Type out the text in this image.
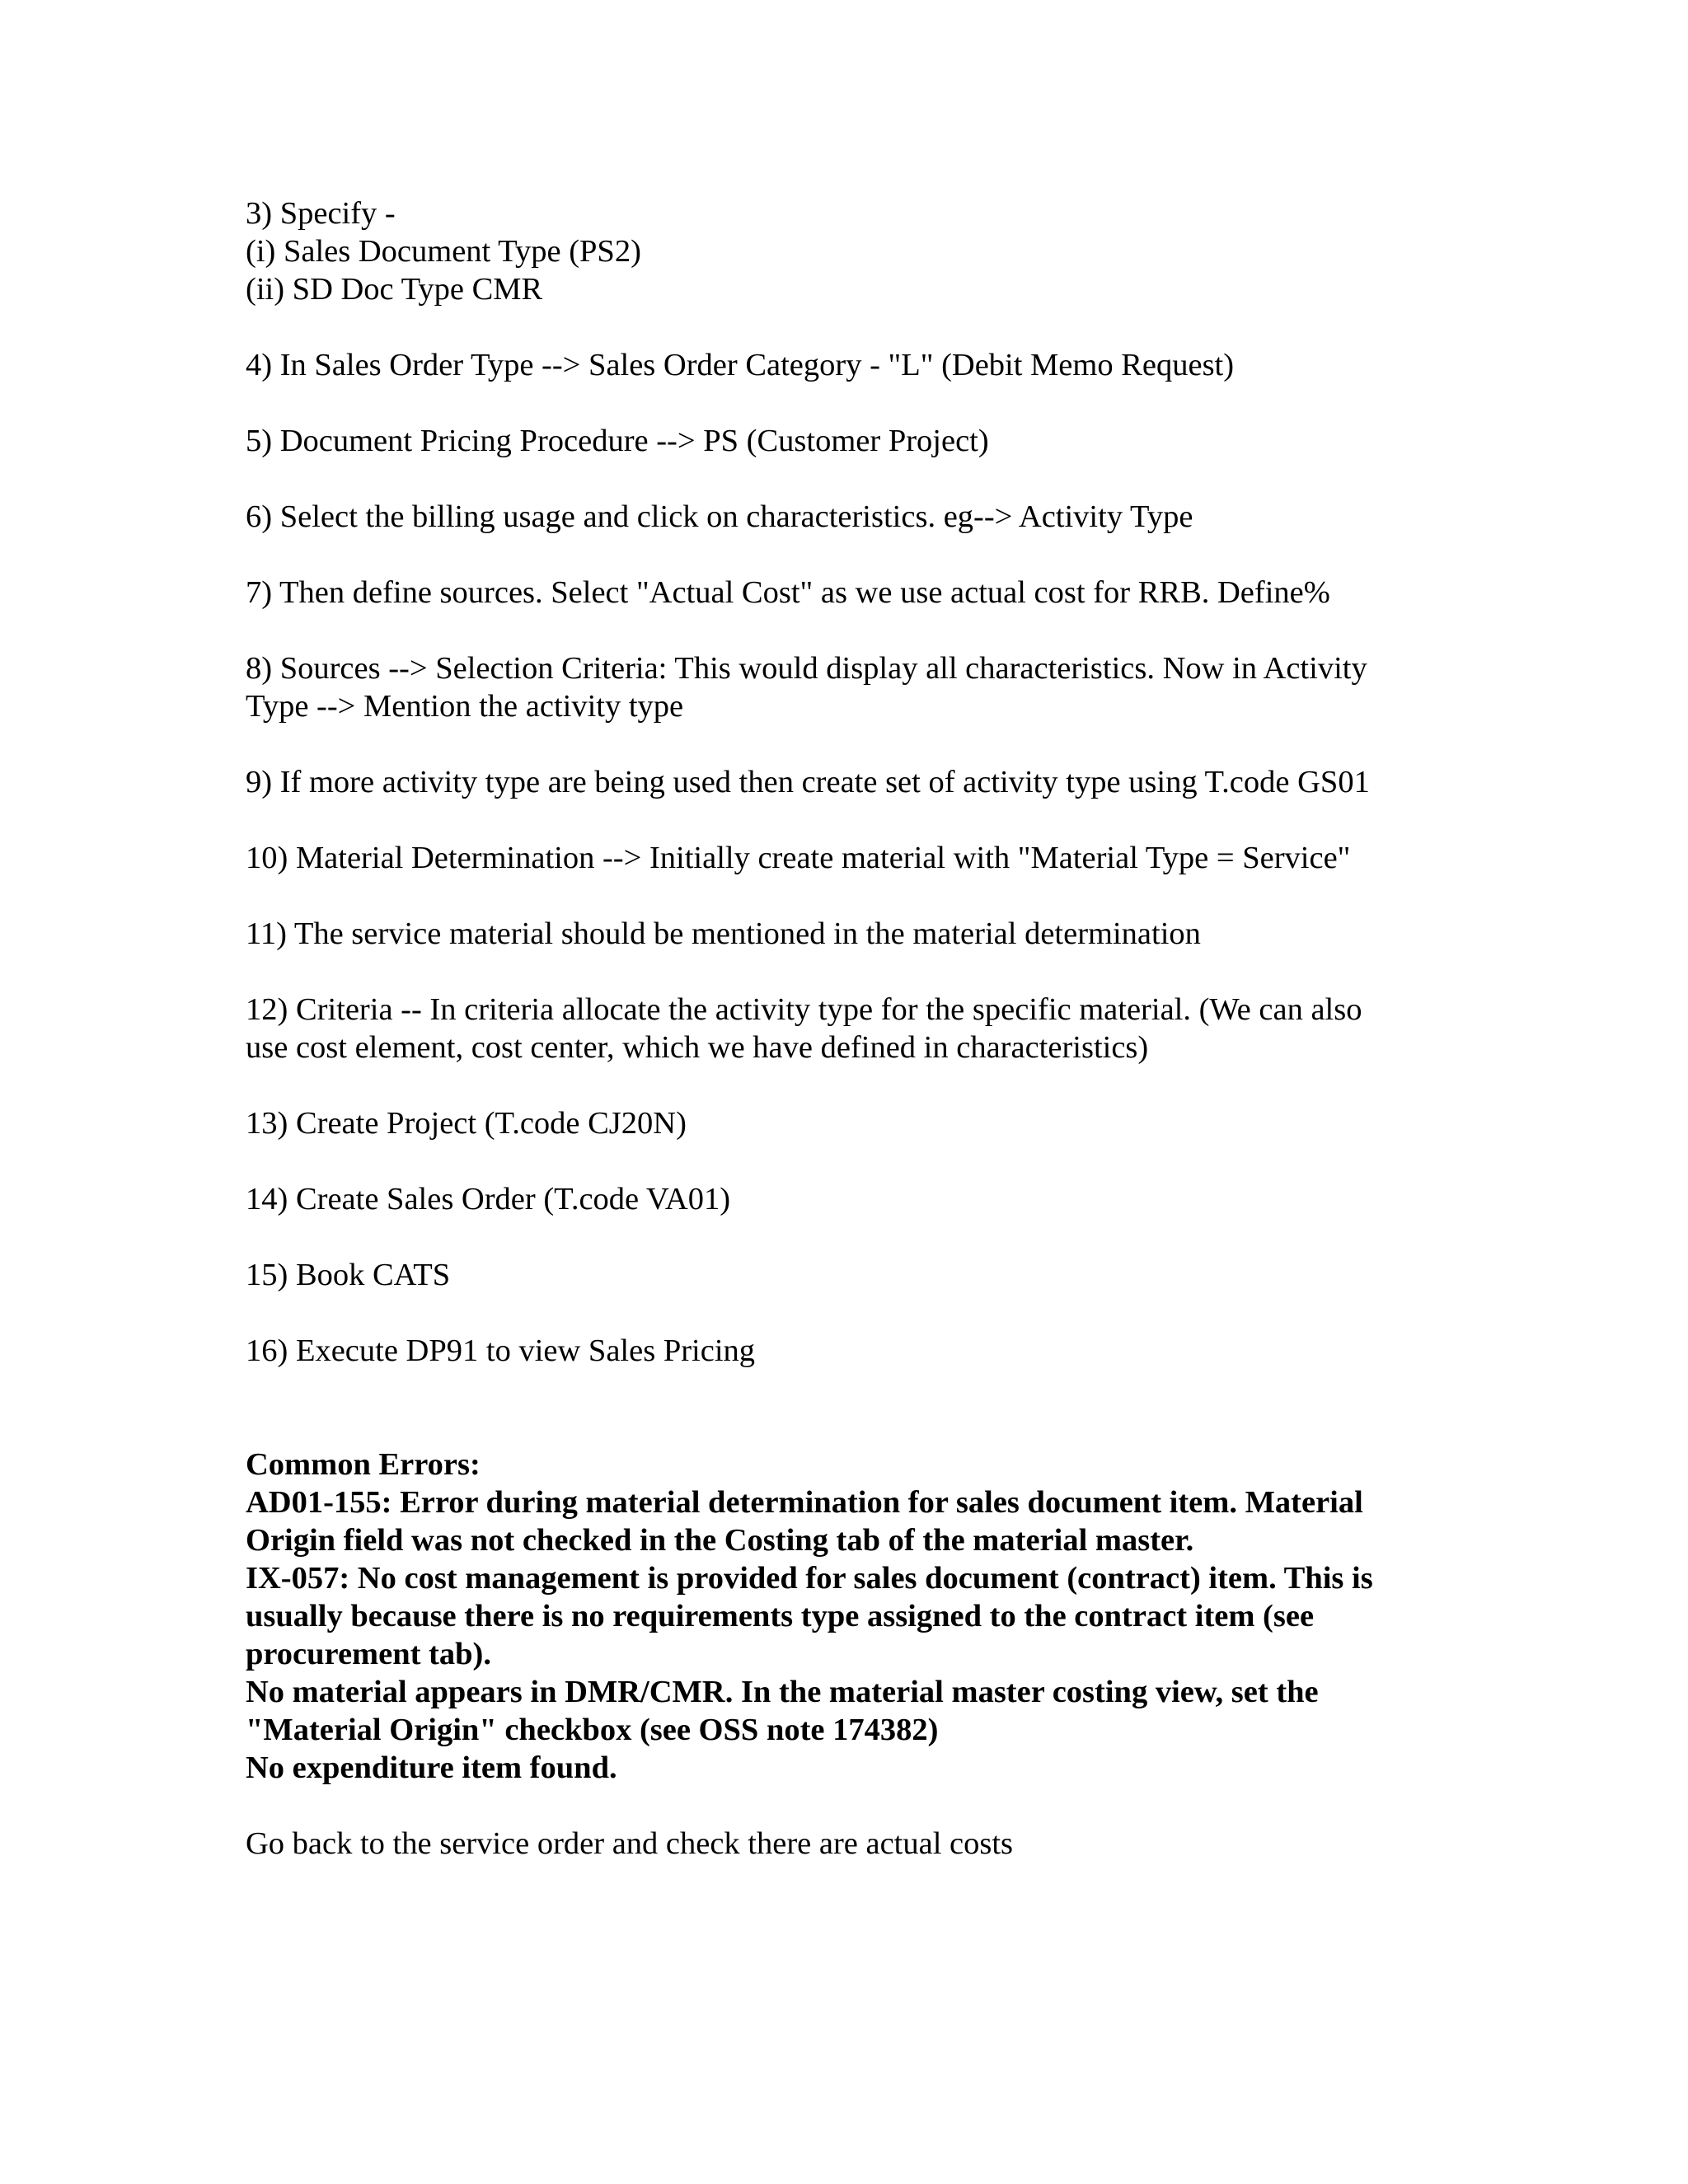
3) Specify -

(i) Sales Document Type (PS2)

(ii) SD Doc Type CMR

4) In Sales Order Type --> Sales Order Category - "L" (Debit Memo Request)

5) Document Pricing Procedure --> PS (Customer Project)

6) Select the billing usage and click on characteristics. eg--> Activity Type

7) Then define sources. Select "Actual Cost" as we use actual cost for RRB. Define%

8) Sources --> Selection Criteria: This would display all characteristics. Now in Activity

Type --> Mention the activity type

9) If more activity type are being used then create set of activity type using T.code GS01

10) Material Determination --> Initially create material with "Material Type = Service"

11) The service material should be mentioned in the material determination

12) Criteria -- In criteria allocate the activity type for the specific material. (We can also

use cost element, cost center, which we have defined in characteristics)

13) Create Project (T.code CJ20N)

14) Create Sales Order (T.code VA01)

15) Book CATS

16) Execute DP91 to view Sales Pricing

Common Errors:

AD01-155: Error during material determination for sales document item. Material

Origin field was not checked in the Costing tab of the material master.

IX-057: No cost management is provided for sales document (contract) item. This is

usually because there is no requirements type assigned to the contract item (see

procurement tab).

No material appears in DMR/CMR. In the material master costing view, set the

"Material Origin" checkbox (see OSS note 174382)

No expenditure item found.

Go back to the service order and check there are actual costs
